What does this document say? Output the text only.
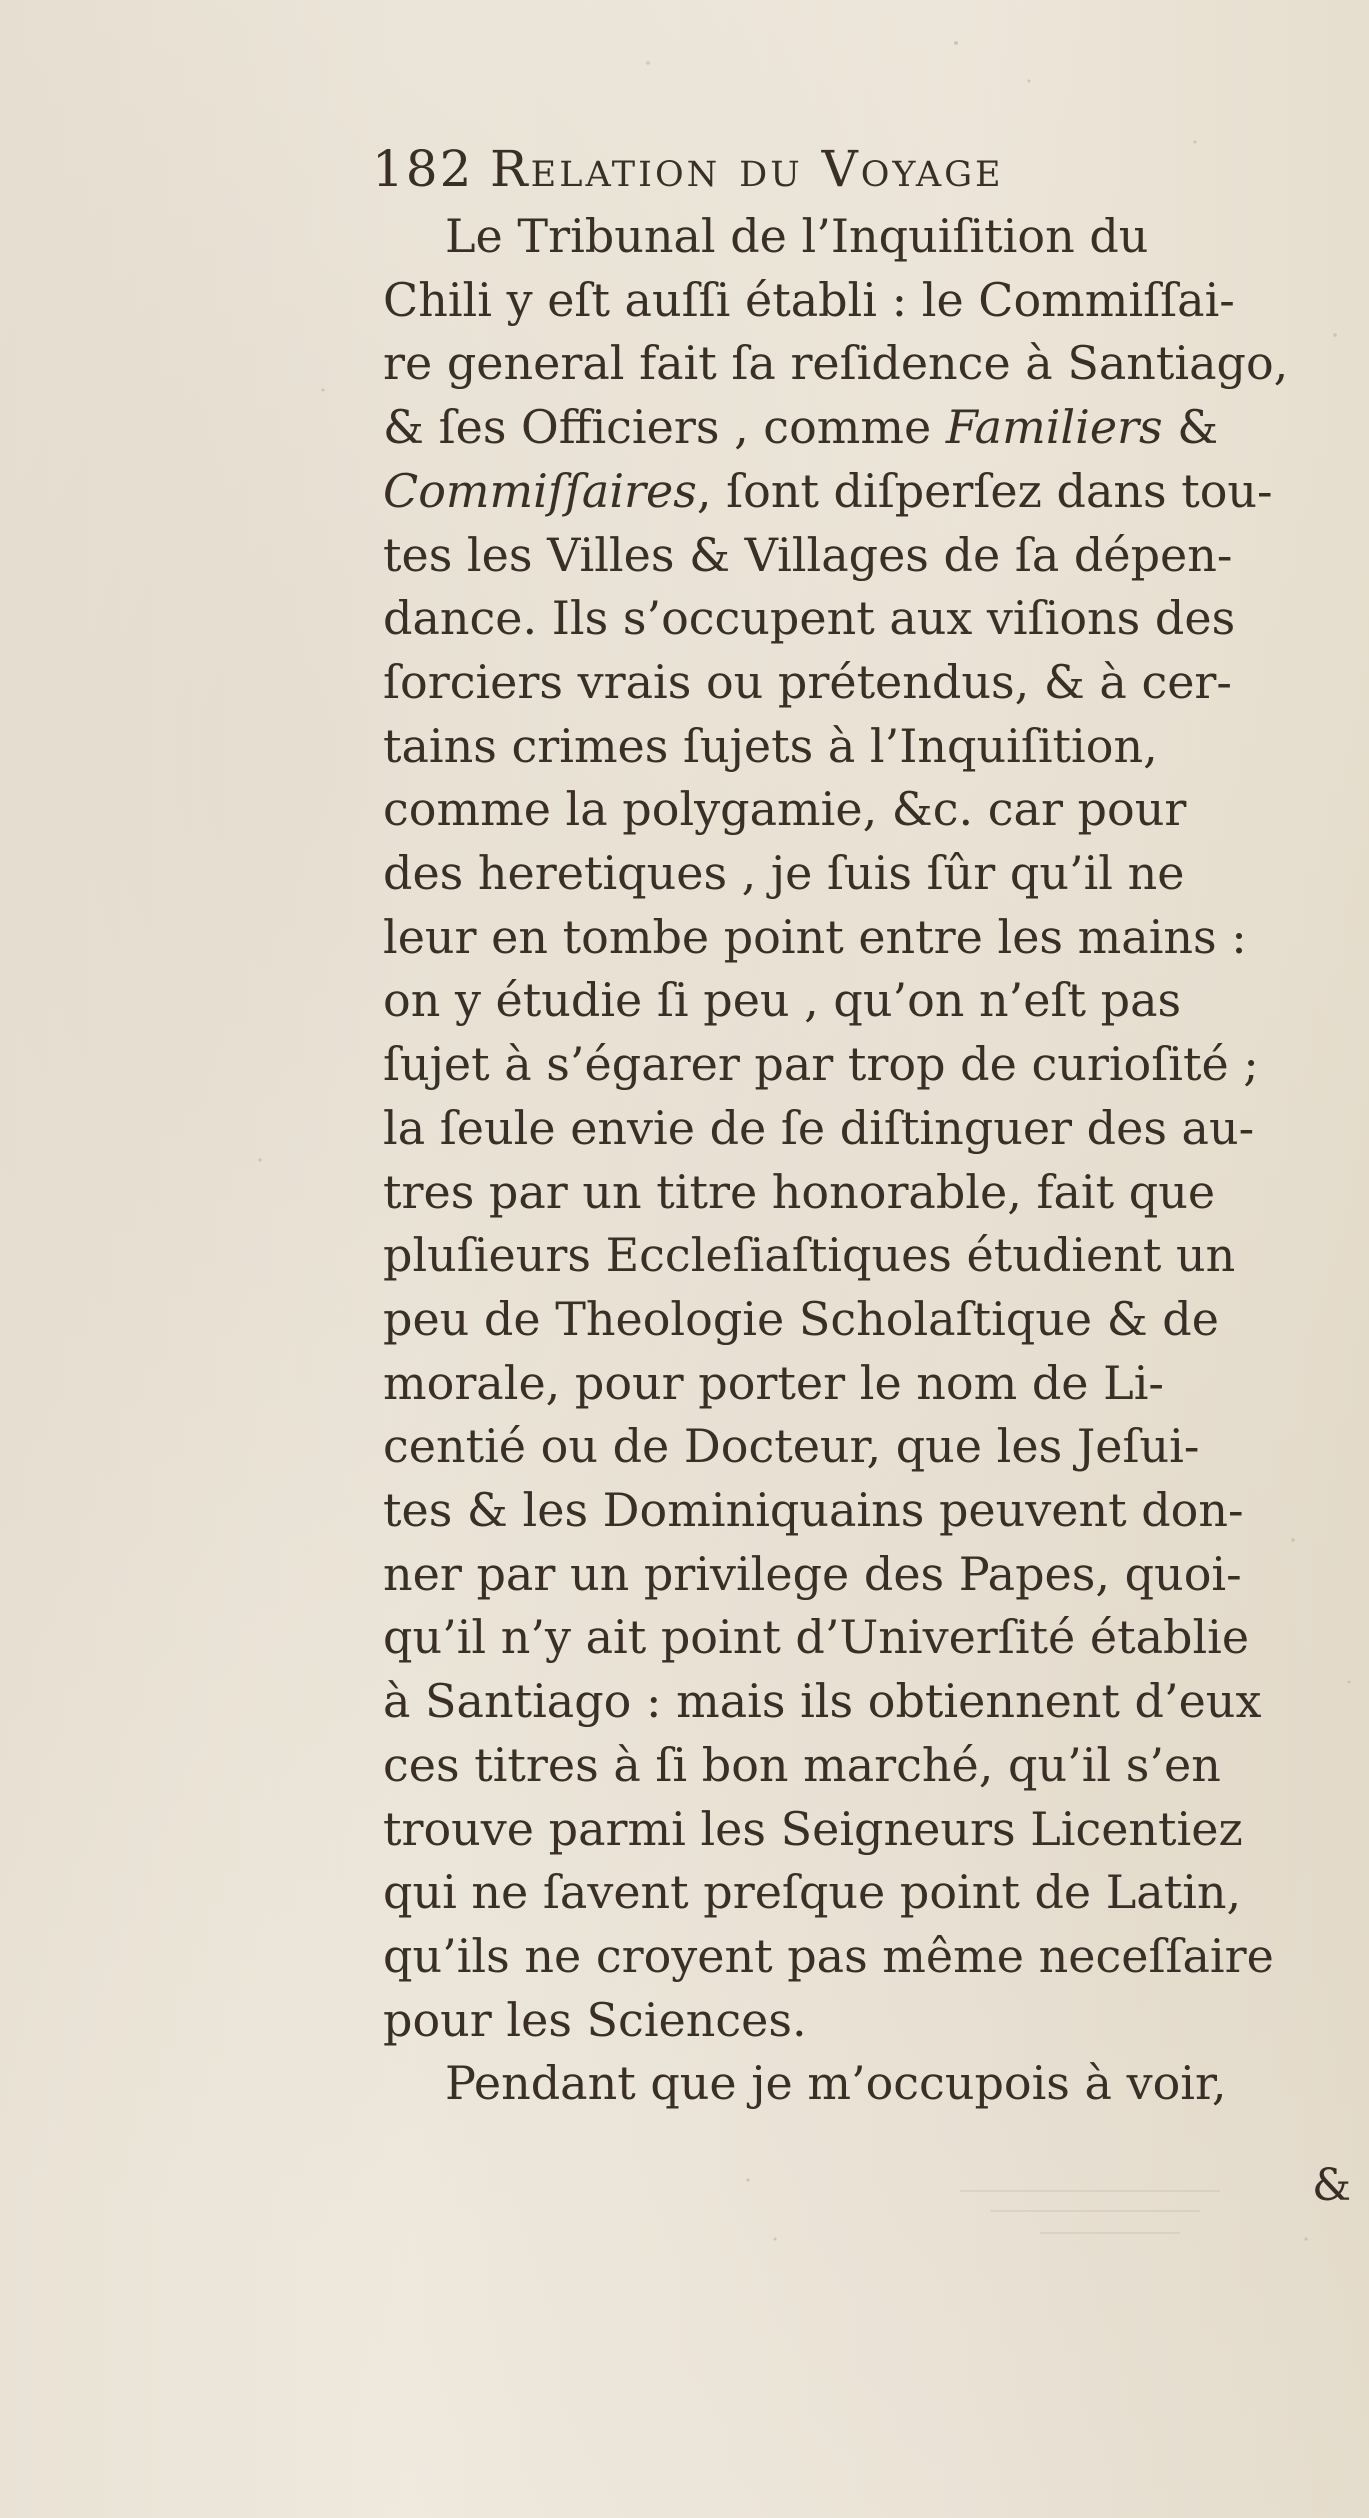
182 Relation du Voyage
Le Tribunal de l’Inquiſition du
Chili y eſt auſſi établi : le Commiſſai-
re general fait ſa reſidence à Santiago,
& ſes Officiers , comme Familiers &
Commiſſaires, ſont diſperſez dans tou-
tes les Villes & Villages de ſa dépen-
dance. Ils s’occupent aux viſions des
ſorciers vrais ou prétendus, & à cer-
tains crimes ſujets à l’Inquiſition,
comme la polygamie, &c. car pour
des heretiques , je ſuis ſûr qu’il ne
leur en tombe point entre les mains :
on y étudie ſi peu , qu’on n’eſt pas
ſujet à s’égarer par trop de curioſité ;
la ſeule envie de ſe diſtinguer des au-
tres par un titre honorable, fait que
pluſieurs Eccleſiaſtiques étudient un
peu de Theologie Scholaſtique & de
morale, pour porter le nom de Li-
centié ou de Docteur, que les Jeſui-
tes & les Dominiquains peuvent don-
ner par un privilege des Papes, quoi-
qu’il n’y ait point d’Univerſité établie
à Santiago : mais ils obtiennent d’eux
ces titres à ſi bon marché, qu’il s’en
trouve parmi les Seigneurs Licentiez
qui ne ſavent preſque point de Latin,
qu’ils ne croyent pas même neceſſaire
pour les Sciences.
Pendant que je m’occupois à voir,
&
